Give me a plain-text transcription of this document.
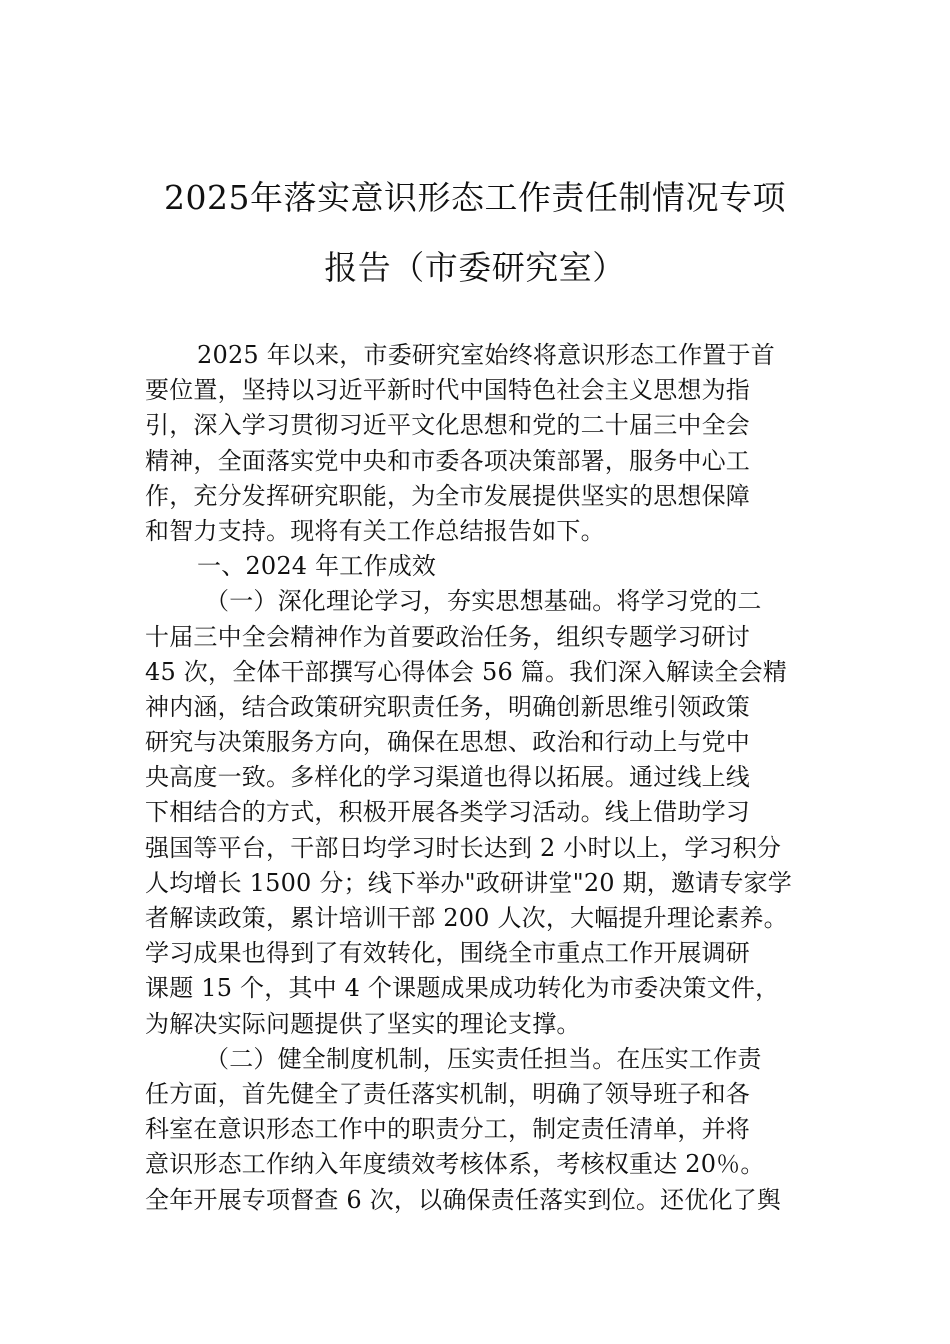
2025年落实意识形态工作责任制情况专项
报告（市委研究室）
2025 年以来，市委研究室始终将意识形态工作置于首
要位置，坚持以习近平新时代中国特色社会主义思想为指
引，深入学习贯彻习近平文化思想和党的二十届三中全会
精神，全面落实党中央和市委各项决策部署，服务中心工
作，充分发挥研究职能，为全市发展提供坚实的思想保障
和智力支持。现将有关工作总结报告如下。
一、2024 年工作成效
（一）深化理论学习，夯实思想基础。将学习党的二
十届三中全会精神作为首要政治任务，组织专题学习研讨
45 次，全体干部撰写心得体会 56 篇。我们深入解读全会精
神内涵，结合政策研究职责任务，明确创新思维引领政策
研究与决策服务方向，确保在思想、政治和行动上与党中
央高度一致。多样化的学习渠道也得以拓展。通过线上线
下相结合的方式，积极开展各类学习活动。线上借助学习
强国等平台，干部日均学习时长达到 2 小时以上，学习积分
人均增长 1500 分；线下举办"政研讲堂"20 期，邀请专家学
者解读政策，累计培训干部 200 人次，大幅提升理论素养。
学习成果也得到了有效转化，围绕全市重点工作开展调研
课题 15 个，其中 4 个课题成果成功转化为市委决策文件，
为解决实际问题提供了坚实的理论支撑。
（二）健全制度机制，压实责任担当。在压实工作责
任方面，首先健全了责任落实机制，明确了领导班子和各
科室在意识形态工作中的职责分工，制定责任清单，并将
意识形态工作纳入年度绩效考核体系，考核权重达 20％。
全年开展专项督查 6 次，以确保责任落实到位。还优化了舆
